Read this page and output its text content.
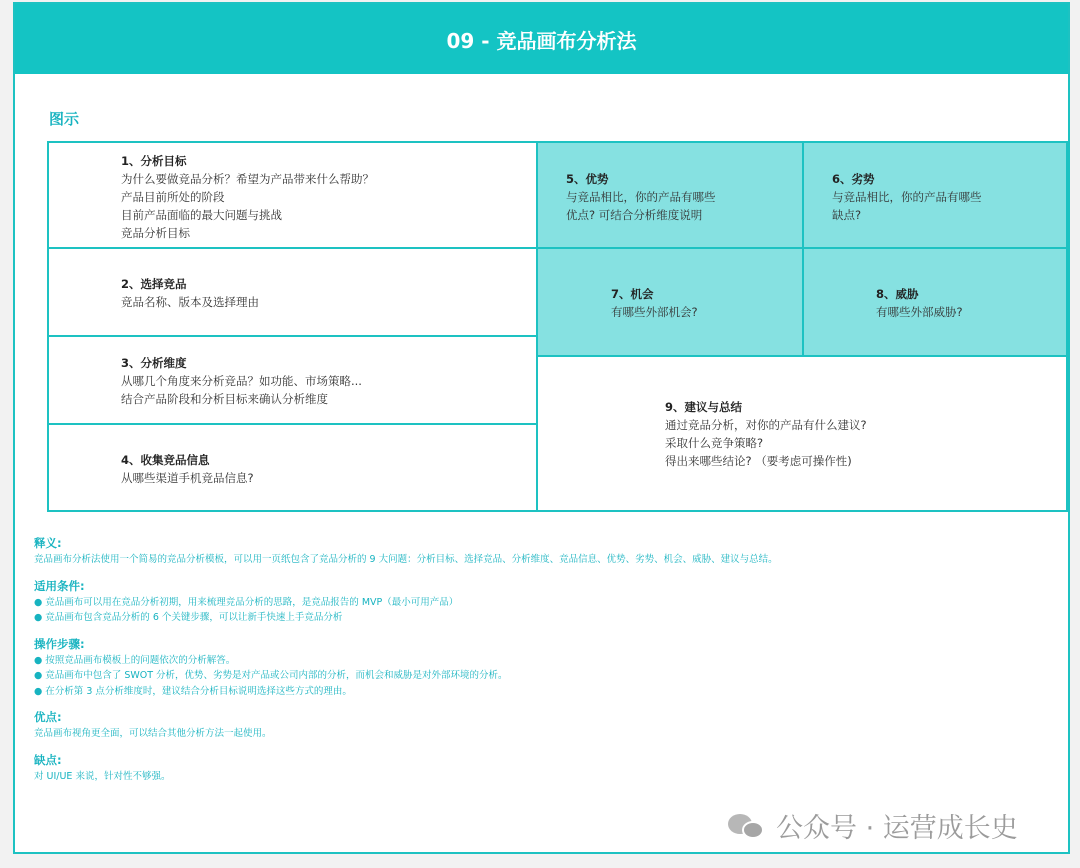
09 - 竞品画布分析法
图示
1、分析目标
为什么要做竞品分析？希望为产品带来什么帮助？
产品目前所处的阶段
目前产品面临的最大问题与挑战
竞品分析目标
2、选择竞品
竞品名称、版本及选择理由
3、分析维度
从哪几个角度来分析竞品？如功能、市场策略...
结合产品阶段和分析目标来确认分析维度
4、收集竞品信息
从哪些渠道手机竞品信息?
5、优势
与竞品相比，你的产品有哪些
优点? 可结合分析维度说明
6、劣势
与竞品相比，你的产品有哪些
缺点?
7、机会
有哪些外部机会?
8、威胁
有哪些外部威胁?
9、建议与总结
通过竞品分析，对你的产品有什么建议?
采取什么竞争策略?
得出来哪些结论? （要考虑可操作性)
释义:
竞品画布分析法使用一个简易的竞品分析模板，可以用一页纸包含了竞品分析的 9 大问题：分析目标、选择竞品、分析维度、竞品信息、优势、劣势、机会、威胁、建议与总结。
适用条件:
● 竞品画布可以用在竞品分析初期，用来梳理竞品分析的思路，是竞品报告的 MVP（最小可用产品）
● 竞品画布包含竞品分析的 6 个关键步骤，可以让新手快速上手竞品分析
操作步骤:
● 按照竞品画布模板上的问题依次的分析解答。
● 竞品画布中包含了 SWOT 分析，优势、劣势是对产品或公司内部的分析，而机会和威胁是对外部环境的分析。
● 在分析第 3 点分析维度时，建议结合分析目标说明选择这些方式的理由。
优点:
竞品画布视角更全面，可以结合其他分析方法一起使用。
缺点:
对 UI/UE 来说，针对性不够强。
公众号 · 运营成长史
